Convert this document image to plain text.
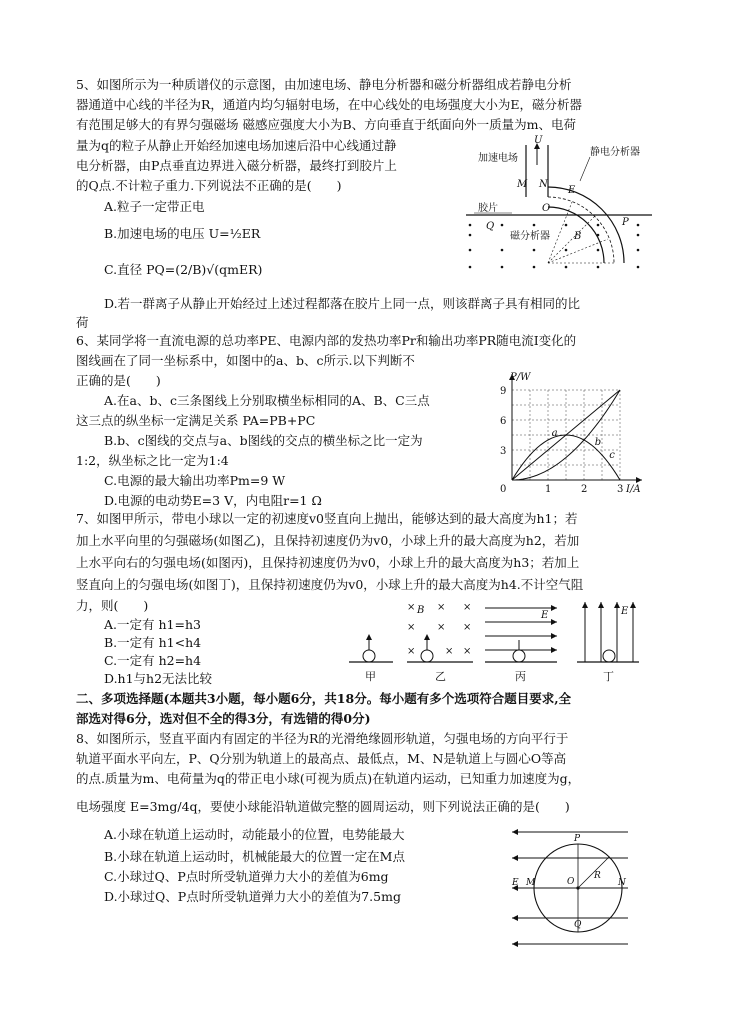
5、如图所示为一种质谱仪的示意图，由加速电场、静电分析器和磁分析器组成若静电分析
器通道中心线的半径为R，通道内均匀辐射电场，在中心线处的电场强度大小为E，磁分析器
有范围足够大的有界匀强磁场 磁感应强度大小为B、方向垂直于纸面向外一质量为m、电荷
量为q的粒子从静止开始经加速电场加速后沿中心线通过静
电分析器，由P点垂直边界进入磁分析器，最终打到胶片上
的Q点.不计粒子重力.下列说法不正确的是(　　)
A.粒子一定带正电
B.加速电场的电压 U=½ER
C.直径 PQ=(2/B)√(qmER)
D.若一群离子从静止开始经过上述过程都落在胶片上同一点，则该群离子具有相同的比
荷
加速电场
U
M N
E
静电分析器
胶片	O
P
Q
磁分析器 B
6、某同学将一直流电源的总功率PE、电源内部的发热功率Pr和输出功率PR随电流I变化的
图线画在了同一坐标系中，如图中的a、b、c所示.以下判断不
正确的是(　　)
A.在a、b、c三条图线上分别取横坐标相同的A、B、C三点
这三点的纵坐标一定满足关系 PA=PB+PC
B.b、c图线的交点与a、b图线的交点的横坐标之比一定为
1:2，纵坐标之比一定为1:4
C.电源的最大输出功率Pm=9 W
D.电源的电动势E=3 V，内电阻r=1 Ω
0	1	2	3
3
6
9
I/A
P/W
a
b
c
7、如图甲所示，带电小球以一定的初速度v0竖直向上抛出，能够达到的最大高度为h1；若
加上水平向里的匀强磁场(如图乙)，且保持初速度仍为v0，小球上升的最大高度为h2，若加
上水平向右的匀强电场(如图丙)，且保持初速度仍为v0，小球上升的最大高度为h3；若加上
竖直向上的匀强电场(如图丁)，且保持初速度仍为v0，小球上升的最大高度为h4.不计空气阻
力，则(　　)
A.一定有 h1=h3
B.一定有 h1<h4
C.一定有 h2=h4
D.h1与h2无法比较	甲
× × ×
× × ×
×	× ×
B
乙
E
丙
E
丁
二、多项选择题(本题共3小题，每小题6分，共18分。每小题有多个选项符合题目要求,全
部选对得6分，选对但不全的得3分，有选错的得0分)
8、如图所示，竖直平面内有固定的半径为R的光滑绝缘圆形轨道，匀强电场的方向平行于
轨道平面水平向左，P、Q分别为轨道上的最高点、最低点，M、N是轨道上与圆心O等高
的点.质量为m、电荷量为q的带正电小球(可视为质点)在轨道内运动，已知重力加速度为g，
电场强度 E=3mg/4q，要使小球能沿轨道做完整的圆周运动，则下列说法正确的是(　　)
A.小球在轨道上运动时，动能最小的位置，电势能最大
B.小球在轨道上运动时，机械能最大的位置一定在M点
C.小球过Q、P点时所受轨道弹力大小的差值为6mg
D.小球过Q、P点时所受轨道弹力大小的差值为7.5mg
P
O
R
E M	N
Q
